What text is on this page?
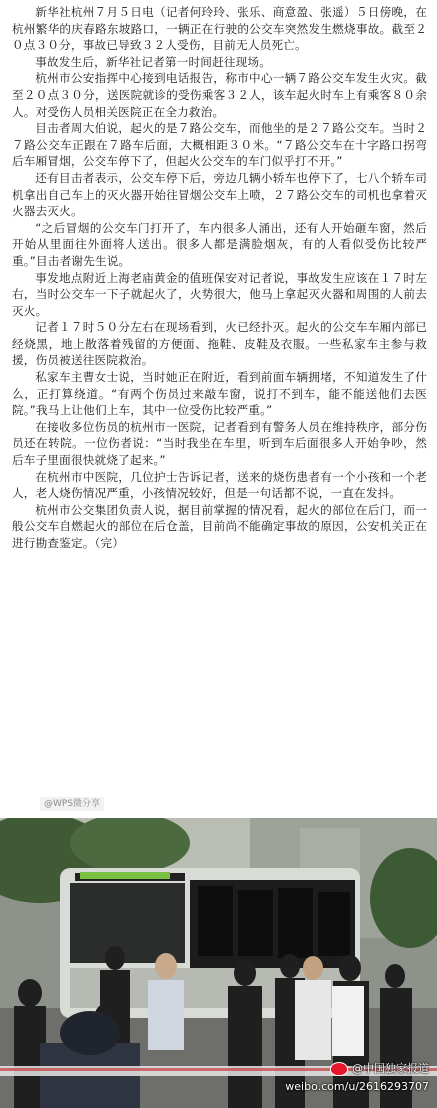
新华社杭州７月５日电（记者何玲玲、张乐、商意盈、张遥）５日傍晚，在杭州繁华的庆春路东坡路口，一辆正在行驶的公交车突然发生燃烧事故。截至２０点３０分，事故已导致３２人受伤，目前无人员死亡。

事故发生后，新华社记者第一时间赶往现场。

杭州市公安指挥中心接到电话报告，称市中心一辆７路公交车发生火灾。截至２０点３０分，送医院就诊的受伤乘客３２人，该车起火时车上有乘客８０余人。对受伤人员相关医院正在全力救治。

目击者周大伯说，起火的是７路公交车，而他坐的是２７路公交车。当时２７路公交车正跟在７路车后面，大概相距３０米。“７路公交车在十字路口拐弯后车厢冒烟，公交车停下了，但起火公交车的车门似乎打不开。”

还有目击者表示，公交车停下后，旁边几辆小轿车也停下了，七八个轿车司机拿出自己车上的灭火器开始往冒烟公交车上喷，２７路公交车的司机也拿着灭火器去灭火。

“之后冒烟的公交车门打开了，车内很多人涌出，还有人开始砸车窗，然后开始从里面往外面将人送出。很多人都是满脸烟灰，有的人看似受伤比较严重。”目击者谢先生说。

事发地点附近上海老庙黄金的值班保安对记者说，事故发生应该在１７时左右，当时公交车一下子就起火了，火势很大，他马上拿起灭火器和周围的人前去灭火。

记者１７时５０分左右在现场看到，火已经扑灭。起火的公交车车厢内部已经烧黑，地上散落着残留的方便面、拖鞋、皮鞋及衣服。一些私家车主参与救援，伤员被送往医院救治。

私家车主曹女士说，当时她正在附近，看到前面车辆拥堵，不知道发生了什么，正打算绕道。“有两个伤员过来敲车窗，说打不到车，能不能送他们去医院。”我马上让他们上车，其中一位受伤比较严重。”

在接收多位伤员的杭州市一医院，记者看到有警务人员在维持秩序，部分伤员还在转院。一位伤者说：“当时我坐在车里，听到车后面很多人开始争吵，然后车子里面很快就烧了起来。”

在杭州市中医院，几位护士告诉记者，送来的烧伤患者有一个小孩和一个老人，老人烧伤情况严重，小孩情况较好，但是一句话都不说，一直在发抖。

杭州市公交集团负责人说，据目前掌握的情况看，起火的部位在后门，而一般公交车自燃起火的部位在后仓盖，目前尚不能确定事故的原因，公安机关正在进行勘查鉴定。（完）

@WPS微分享
@中国独家报道
weibo.com/u/2616293707
